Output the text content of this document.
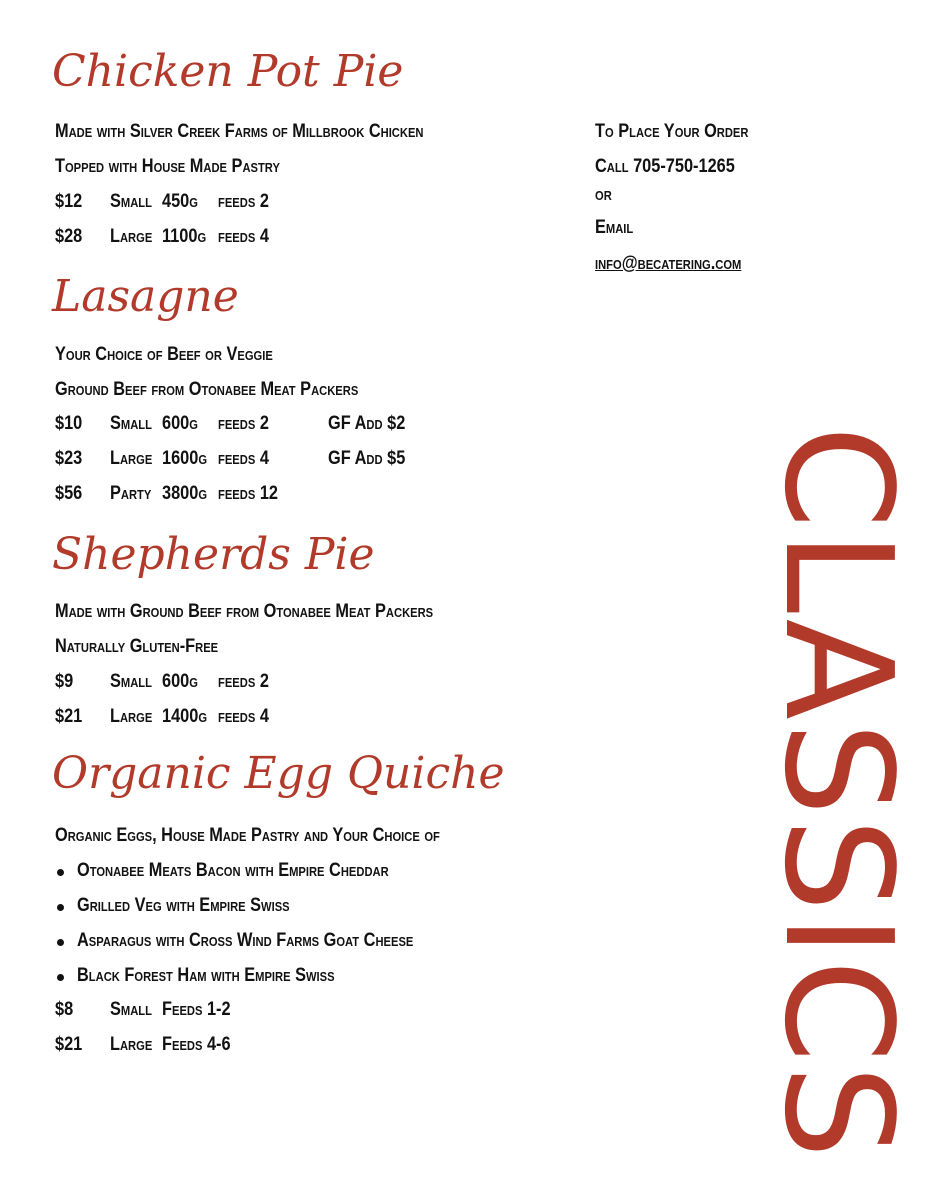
Chicken Pot Pie

Made with Silver Creek Farms of Millbrook Chicken

Topped with House Made Pastry

$12 Small 450g feeds 2
$28 Large 1100g feeds 4
Lasagne

Your Choice of Beef or Veggie

Ground Beef from Otonabee Meat Packers

$10 Small 600g feeds 2	GF Add $2
$23 Large 1600g feeds 4	GF Add $5
$56 Party 3800g feeds 12
Shepherds Pie

Made with Ground Beef from Otonabee Meat Packers

Naturally Gluten-Free

$9 Small 600g feeds 2
$21 Large 1400g feeds 4
Organic Egg Quiche

Organic Eggs, House Made Pastry and Your Choice of

Otonabee Meats Bacon with Empire Cheddar
Grilled Veg with Empire Swiss
Asparagus with Cross Wind Farms Goat Cheese
Black Forest Ham with Empire Swiss
$8 Small Feeds 1-2
$21 Large Feeds 4-6

To Place Your Order

Call 705-750-1265

or

Email

info@becatering.com

CLASSICS
